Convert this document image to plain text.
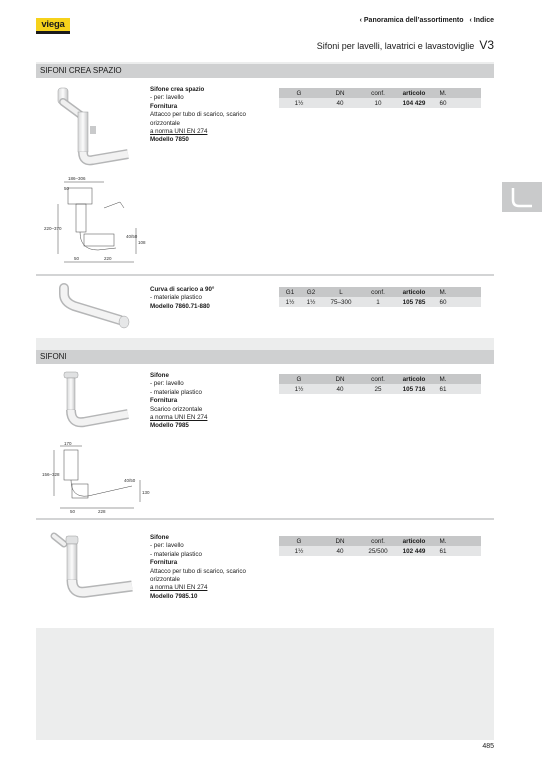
viega	‹ Panoramica dell’assortimento	‹ Indice
Sifoni per lavelli, lavatrici e lavastoviglie V3
SIFONI CREA SPAZIO
186–306
50
220–370
40/50
108
50	220
Sifone crea spazio
- per: lavello
Fornitura
Attacco per tubo di scarico, scarico
orizzontale
a norma UNI EN 274
Modello 7850
G	DN	conf.	articolo	M.	
1½	40	10	104 429	60	
Curva di scarico a 90°
- materiale plastico
Modello 7860.71-880
G1	G2	L	conf.	articolo	M.	
1½	1½	75–300	1	105 785	60	
SIFONI
170
156–328
40/50
130
50	228
Sifone
- per: lavello
- materiale plastico
Fornitura
Scarico orizzontale
a norma UNI EN 274
Modello 7985
G	DN	conf.	articolo	M.	
1½	40	25	105 716	61	
Sifone
- per: lavello
- materiale plastico
Fornitura
Attacco per tubo di scarico, scarico
orizzontale
a norma UNI EN 274
Modello 7985.10
G	DN	conf.	articolo	M.	
1½	40	25/500	102 449	61	
485
